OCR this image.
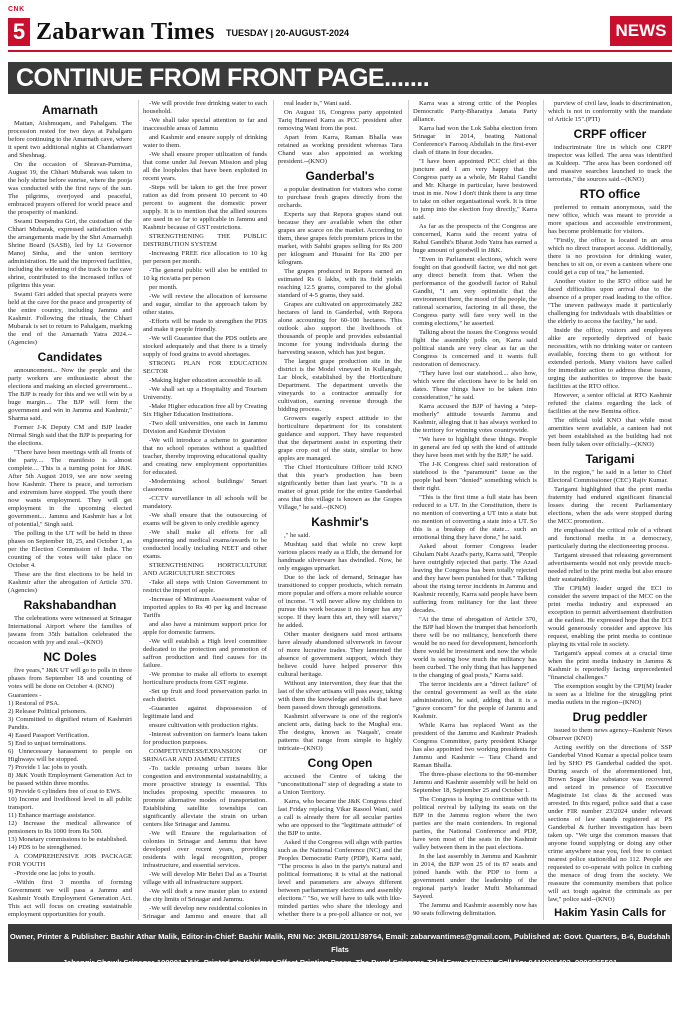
CNK
5 Zabarwan Times TUESDAY | 20-AUGUST-2024	NEWS
CONTINUE FROM FRONT PAGE.......
Amarnath

Mattan, Aishmuqam, and Pahalgam. The procession rested for two days at Pahalgam before continuing to the Amarnath cave, where it spent two additional nights at Chandanwari and Sheshnag.

On the occasion of Shravan-Purnima, August 19, the Chhari Mubarak was taken to the holy shrine before sunrise, where the pooja was conducted with the first rays of the sun. The pilgrims, overjoyed and peaceful, embraced prayers offered for world peace and the prosperity of mankind.

Swami Deependra Giri, the custodian of the Chhari Mubarak, expressed satisfaction with the arrangements made by the Shri Amarnathji Shrine Board (SASB), led by Lt Governor Manoj Sinha, and the union territory administration. He said the improved facilities, including the widening of the track to the cave shrine, contributed to the increased influx of pilgrims this year.

Swami Giri added that special prayers were held at the cave for the peace and prosperity of the entire country, including Jammu and Kashmir. Following the rituals, the Chhari Mubarak is set to return to Pahalgam, marking the end of the Amarnath Yatra 2024.--(Agencies)

Candidates

announcement... Now the people and the party workers are enthusiastic about the elections and making an elected government... The BJP is ready for this and we will win by a huge margin.... The BJP will form the government and win in Jammu and Kashmir," Sharma said.

Former J-K Deputy CM and BJP leader Nirmal Singh said that the BJP is preparing for the elections.

"There have been meetings with all fronts of the party.... The manifesto is almost complete.... This is a turning point for J&K. After 5th August 2019, we are now seeing how Kashmir. There is peace, and terrorism and extremism have stopped. The youth there now wants employment. They will get employment in the upcoming elected government.... Jammu and Kashmir has a lot of potential," Singh said.

The polling in the UT will be held in three phases on September 18, 25, and October 1, as per the Election Commission of India. The counting of the votes will take place on October 4.

These are the first elections to be held in Kashmir after the abrogation of Article 370. (Agencies)

Rakshabandhan

The celebrations were witnessed at Srinagar International Airport where the families of jawans from 35th battalion celebrated the occasion with joy and zeal.--(KNO)

NC Doles

five years," J&K UT will go to polls in three phases from September 18 and counting of votes will be done on October 4. (KNO)

Guarantees -
1) Restoral of PSA.
2) Release Political prisoners.
3) Committed to dignified return of Kashmiri Pandits.
4) Eased Passport Verification.
5) End to unjust terminations.
6) Unnecessary harassment to people on Highways will be stopped.
7) Provide 1 lac jobs to youth.
8) J&K Youth Employment Generation Act to be passed within three months.
9) Provide 6 cylinders free of cost to EWS.
10) Income and livelihood level in all public transport.
11) Enhance marriage assistance.
12) Increase the medical allowance of pensioners to Rs 1000 from Rs 500.
13) Monetary commissions to be established.
14) PDS to be strengthened.

A COMPREHENSIVE JOB PACKAGE FOR YOUTH

-Provide one lac jobs to youth.

-Within first 3 months of forming Government we will pass a Jammu and Kashmir Youth Employment Generation Act. This act will focus on creating sustainable employment opportunities for youth.

-We will provide free drinking water to each household.

-We shall take special attention to far and inaccessible areas of Jammu

and Kashmir and ensure supply of drinking water to them.

-We shall ensure proper utilization of funds that come under Jal Jeevan Mission and plug all the loopholes that have been exploited in recent years.

-Steps will be taken to get the free power ration as did from present 10 percent to 40 percent to augment the domestic power supply. It is to mention that the allied sources are used in so far to applicable in Jammu and Kashmir because of GST restrictions.

STRENGTHENING THE PUBLIC DISTRIBUTION SYSTEM

-Increasing FREE rice allocation to 10 kg per person per month.

-The general public will also be entitled to 10 kg rice/atta per person

per month.

-We will review the allocation of kerosene and sugar, similar to the approach taken by other states.

-Efforts will be made to strengthen the PDS and make it people friendly.

-We will Guarantee that the PDS outlets are stocked adequately and that there is a timely supply of food grains to avoid shortages.

STRONG PLAN FOR EDUCATION SECTOR

-Making higher education accessible to all.

-We shall set up a Hospitality and Tourism University.

-Make Higher education free all by Creating Six Higher Education Institutions.

-Two skill universities, one each in Jammu Division and Kashmir Division

-We will introduce a scheme to guarantee that no school operates without a qualified teacher, thereby improving educational quality and creating new employment opportunities for educated.

-Modernising school buildings/ Smart classrooms

-CCTV surveillance in all schools will be mandatory.

-We shall ensure that the outsourcing of exams will be given to only credible agency

-We shall make all efforts for all engineering and medical exams/awards to be conducted locally including NEET and other exams.

STRENGTHENING HORTICULTURE AND AGRICULTURE SECTORS

-Take all steps with Union Government to restrict the import of apple.

-Increase of Minimum Assessment value of imported apples to Rs 40 per kg and Increase Tariffs

and also have a minimum support price for apple for domestic farmers.

-We will establish a High level committee dedicated to the protection and promotion of saffron production and find causes for its failure.

-We promise to make all efforts to exempt horticulture products from GST regime.

-Set up fruit and food preservation parks in each district.

-Guarantee against dispossession of legitimate land and

ensure cultivation with production rights.

-Interest subvention on farmer's loans taken for production purposes.

COMPETIVENESS/EXPANSION OF SRINAGAR AND JAMMU CITIES

-To tackle pressing urban issues like congestion and environmental sustainability, a more proactive strategy is essential. This includes proposing specific measures to promote alternative modes of transportation. Establishing satellite townships can significantly alleviate the strain on urban centers like Srinagar and Jammu.

-We will Ensure the regularisation of colonies in Srinagar and Jammu that have developed over recent years, providing residents with legal recognition, proper infrastructure, and essential services.

-We will develop Mir Behri Dal as a Tourist village with all infrastructure support.

-We will draft a new master plan to extend the city limits of Srinagar and Jammu.

-We will develop new residential colonies in Srinagar and Jammu and ensure that all

real leader is," Wani said.

On August 16, Congress party appointed Tariq Hameed Karra as PCC president after removing Wani from the post.

Apart from Karra, Raman Bhalla was retained as working president whereas Tara Chand was also appointed as working president.--(KNO)

Ganderbal's

a popular destination for visitors who come to purchase fresh grapes directly from the orchards.

Experts say that Repora grapes stand out because they are available when the other grapes are scarce on the market. According to them, these grapes fetch premium prices in the market, with Sahibi grapes selling for Rs 200 per kilogram and Husaini for Rs 200 per kilogram.

The grapes produced in Repora earned an estimated Rs 6 lakhs, with its field yields reaching 12.5 grams, compared to the global standard of 4-5 grams, they said.

Grapes are cultivated on approximately 282 hectares of land in Ganderbal, with Repora alone accounting for 60-100 hectares. This outlook also support the livelihoods of thousands of people and provides substantial income for young individuals during the harvesting season, which has just begun.

The largest grape production site in the district is the Model vineyard in Kullangah, Lar block, established by the Horticulture Department. The department unveils the vineyards to a contractor annually for cultivation, earning revenue through the bidding process.

Growers eagerly expect attitude to the horticulture department for its consistent guidance and support. They have requested that the department assist in exporting their grape crop out of the state, similar to how apples are managed.

The Chief Horticulture Officer told KNO that this year's production has been significantly better than last year's. "It is a matter of great pride for the entire Ganderbal area that this village is known as the Grapes Village," he said.--(KNO)

Kashmir's

," he said.

Mushtaq said that while no crew kept various places ready as a Eldh, the demand for handmade silverware has dwindled. Now, he only engages upmarket.

Due to the lack of demand, Srinagar has transitioned to copper products, which remain more popular and offers a more reliable source of income. "I will never allow my children to pursue this work because it no longer has any scope. If they learn this art, they will starve," he added.

Other master designers said most artisans have already abandoned silverwork in favour of more lucrative trades. They lamented the absence of government support, which they believe could have helped preserve this cultural heritage.

Without any intervention, they fear that the last of the silver artisans will pass away, taking with them the knowledge and skills that have been passed down through generations.

Kashmiri silverware is one of the region's ancient arts, dating back to the Mughal era. The designs, known as 'Naqash', create patterns that range from simple to highly intricate--(KNO)

Cong Open

accused the Centre of taking the "unconstitutional" step of degrading a state to a Union Territory.

Karra, who became the J&K Congress chief last Friday replacing Vikar Rasool Wani, said a call is already there for all secular parties who are opposed to the "legitimate attitude" of the BJP to unite.

Asked if the Congress will align with parties such as the National Conference (NC) and the Peoples Democratic Party (PDP), Karra said, "The process is also in the party's natural and political formations; it is vital at the national level and parameters are always different between parliamentary elections and assembly elections." "So, we will have to talk with like-minded parties who share the ideology and whether there is a pre-poll alliance or not, we

Karra was a strong critic of the Peoples Democratic Party-Bharatiya Janata Party alliance.

Karra had won the Lok Sabha election from Srinagar in 2014, beating National Conference's Farooq Abdullah in the first-ever clash of titans in four decades.

"I have been appointed PCC chief at this juncture and I am very happy that the Congress party as a whole, Mr Rahul Gandhi and Mr. Kharge in particular, have bestowed trust in me. Now I don't think there is any time to take on other organisational work. It is time to jump into the election fray directly," Karra said.

As far as the prospects of the Congress are concerned, Karra said the recent yatra of Rahul Gandhi's Bharat Jodo Yatra has earned a huge amount of goodwill in J&K.

"Even in Parliament elections, which were fought on that goodwill factor, we did not get any direct benefit from that. When the performance of the goodwill factor of Rahul Gandhi, "I am very optimistic that the environment there, the mood of the people, the rational scenarios, factoring in all these, the Congress party will fare very well in the coming elections," he asserted.

Talking about the issues the Congress would fight the assembly polls on, Karra said political stands are very clear as far as the Congress is concerned and it wants full restoration of democracy.

"They have lost our statehood.... also how, which were the elections have to be held on dates. These things have to be taken into consideration," he said.

Karra accused the BJP of having a "step-motherly" attitude towards Jammu and Kashmir, alleging that it has always worked to the territory for winning votes countrywide.

"We have to highlight these things. People in general are fed up with the kind of attitude they have been met with by the BJP," he said.

The J-K Congress chief said restoration of statehood is the "paramount" issue as the people had been "denied" something which is their right.

"This is the first time a full state has been reduced to a UT. In the Constitution, there is no mention of converting a UT into a state but no mention of converting a state into a UT. So this is a breakup of the state... such an emotional thing they have done," he said.

Asked about former Congress leader Ghulam Nabi Azad's party, Karra said, "People have outrightly rejected that party. The Azad leaving the Congress has been totally rejected and they have been punished for that." Talking about the rising terror incidents in Jammu and Kashmir recently, Karra said people have been suffering from militancy for the last three decades.

"At the time of abrogation of Article 370, the BJP had blown the trumpet that henceforth there will be no militancy, henceforth there would be no need for development, henceforth there would be investment and now the whole world is seeing how much the militancy has been curbed. The only thing that has happened is the changing of goal posts," Karra said.

The terror incidents are a "direct failure" of the central government as well as the state administration, he said, adding that it is a "grave concern" for the people of Jammu and Kashmir.

While Karra has replaced Wani as the president of the Jammu and Kashmir Pradesh Congress Committee, party president Kharge has also appointed two working presidents for Jammu and Kashmir -- Tara Chand and Raman Bhalla.

The three-phase elections to the 90-member Jammu and Kashmir assembly will be held on September 18, September 25 and October 1.

The Congress is hoping to continue with its political revival by tallying its seats on the BJP in the Jammu region where the two parties are the main contenders. In regional parties, the National Conference and PDP, have won most of the seats in the Kashmir valley between them in the past elections.

In the last assembly in Jammu and Kashmir in 2014, the BJP won 25 of its 87 seats and joined hands with the PDP to form a government under the leadership of the regional party's leader Mufti Mohammad Sayeed.

The Jammu and Kashmir assembly now has 90 seats following delimitation.

purview of civil law, leads to discrimination, which is not in conformity with the mandate of Article 15".(PTI)

CRPF officer

indiscriminate fire in which one CRPF inspector was killed. The area was identified as Kuldeep. "The area has been cordoned off and massive searches launched to track the terrorists," the sources said.--(KNO)

RTO office

preferred to remain anonymous, said the new office, which was meant to provide a more spacious and accessible environment, has become problematic for visitors.

"Firstly, the office is located in an area which no direct transport access. Additionally, there is no provision for drinking water, benches to sit on, or even a canteen where one could get a cup of tea," he lamented.

Another visitor to the RTO office said he faced difficulties upon arrival due to the absence of a proper road leading to the office. "The uneven pathways made it particularly challenging for individuals with disabilities or the elderly to access the facility," he said.

Inside the office, visitors and employees alike are reportedly deprived of basic necessities, with no drinking water or canteen available, forcing them to go without for extended periods. Many visitors have called for immediate action to address these issues, urging the authorities to improve the basic facilities at the RTO office.

However, a senior official at RTO Kashmir refuted the claims regarding the lack of facilities at the new Bemina office.

The official told KNO that while most amenities were available, a canteen had not yet been established as the building had not been fully taken over officially.--(KNO)

Tarigami

in the region," he said in a letter to Chief Electoral Commissioner (CEC) Rajiv Kumar.

Tarigami highlighted that the print media fraternity had endured significant financial losses during the recent Parliamentary elections, when the ads were stopped during the MCC promotion.

He emphasised the critical role of a vibrant and functional media in a democracy, particularly during the electioneering process.

Tarigami stressed that releasing government advertisements would not only provide much-needed relief to the print media but also ensure their sustainability.

The CPI(M) leader urged the ECI to consider the severe impact of the MCC on the print media industry and expressed an exception to permit advertisement distribution at the earliest. He expressed hope that the ECI would generously consider and approve his request, enabling the print media to continue playing its vital role in society.

Tarigami's appeal comes at a crucial time when the print media industry in Jammu & Kashmir is reportedly facing unprecedented "financial challenges."

The exemption sought by the CPI(M) leader is seen as a lifeline for the struggling print media outlets in the region--(KNO)

Drug peddler

issued to them news agency--Kashmir News Observer (KNO)

Acting swiftly on the directions of SSP Ganderbal Vinod Kumar a special police team led by SHO PS Ganderbal cadded the spot. During search of the aforementioned hut, Brown Sugar like substance was recovered and seized in presence of Executive Magistrate 1st class & the accused was arrested. In this regard, police said that a case under FIR number 23/2024 under relevant sections of law stands registered at PS Ganderbal & further investigation has been taken up. "We urge the common masses that anyone found supplying or doing any other crime anywhere near you, feel free to contact nearest police station/dial no 112. People are requested to co-operate with police in curbing the menace of drug from the society. We reassure the community members that police will act tough against the criminals as per law," police said--(KNO)

Hakim Yasin Calls for

Owner, Printer & Publisher: Bashir Athar Malik, Editor-in-Chief: Bashir Malik, RNI No: JKBIL/2011/39764, Email: zabarwantimes@gmail.com, Published at: Govt. Quarters, B-6, Budshah Flats
Jahangir Chowk Srinagar-190001 J&K, Printed at: Khidmat Offset Printing Press, The Bund Srinagar, Tele/ Fax: 2478370, Cell No: 9419001492, 9906865501
